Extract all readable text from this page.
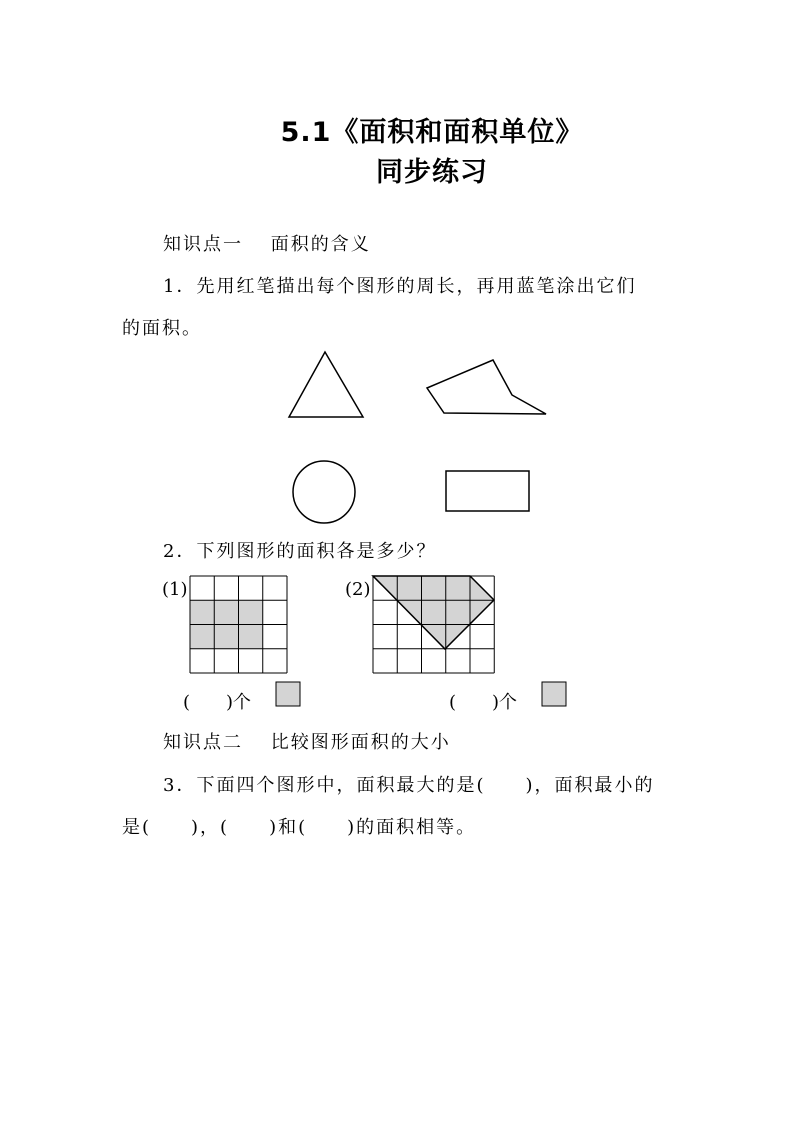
5.1《面积和面积单位》
同步练习
知识点一　 面积的含义
1．先用红笔描出每个图形的周长，再用蓝笔涂出它们
的面积。
2．下列图形的面积各是多少？
(1)	(2)
(　　)个	(　　)个
知识点二　 比较图形面积的大小
3．下面四个图形中，面积最大的是(　　)，面积最小的
是(　　)，(　　)和(　　)的面积相等。
